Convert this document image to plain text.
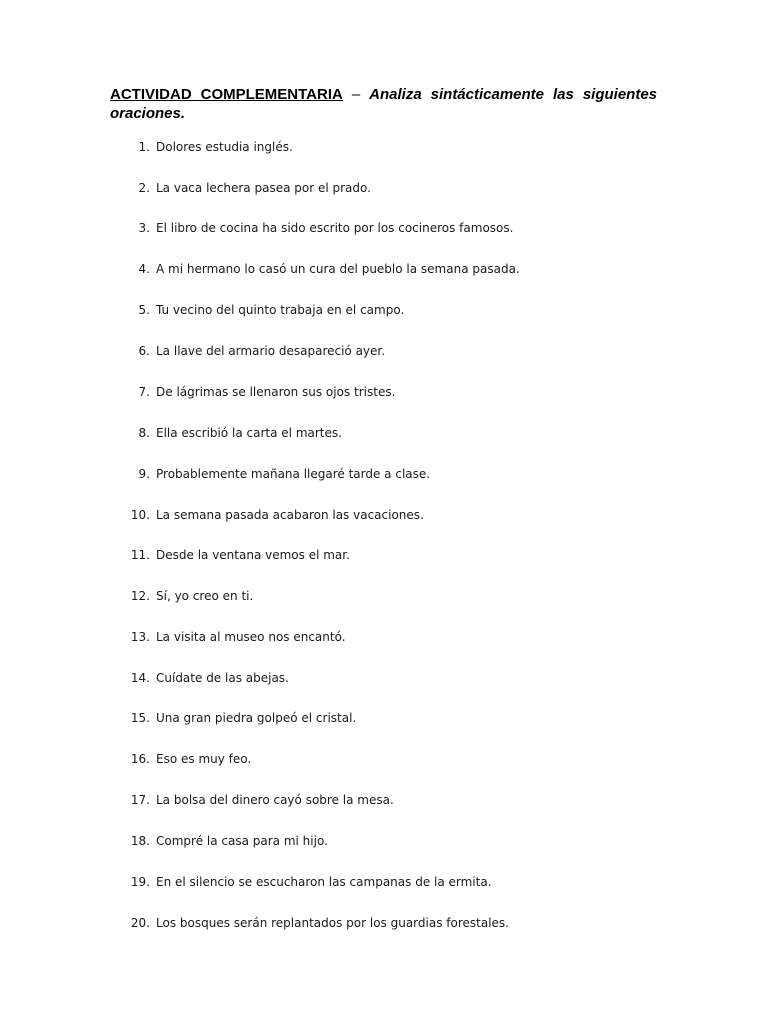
ACTIVIDAD COMPLEMENTARIA – Analiza sintácticamente las siguientes oraciones.
1. Dolores estudia inglés.
2. La vaca lechera pasea por el prado.
3. El libro de cocina ha sido escrito por los cocineros famosos.
4. A mi hermano lo casó un cura del pueblo la semana pasada.
5. Tu vecino del quinto trabaja en el campo.
6. La llave del armario desapareció ayer.
7. De lágrimas se llenaron sus ojos tristes.
8. Ella escribió la carta el martes.
9. Probablemente mañana llegaré tarde a clase.
10. La semana pasada acabaron las vacaciones.
11. Desde la ventana vemos el mar.
12. Sí, yo creo en ti.
13. La visita al museo nos encantó.
14. Cuídate de las abejas.
15. Una gran piedra golpeó el cristal.
16. Eso es muy feo.
17. La bolsa del dinero cayó sobre la mesa.
18. Compré la casa para mi hijo.
19. En el silencio se escucharon las campanas de la ermita.
20. Los bosques serán replantados por los guardias forestales.
